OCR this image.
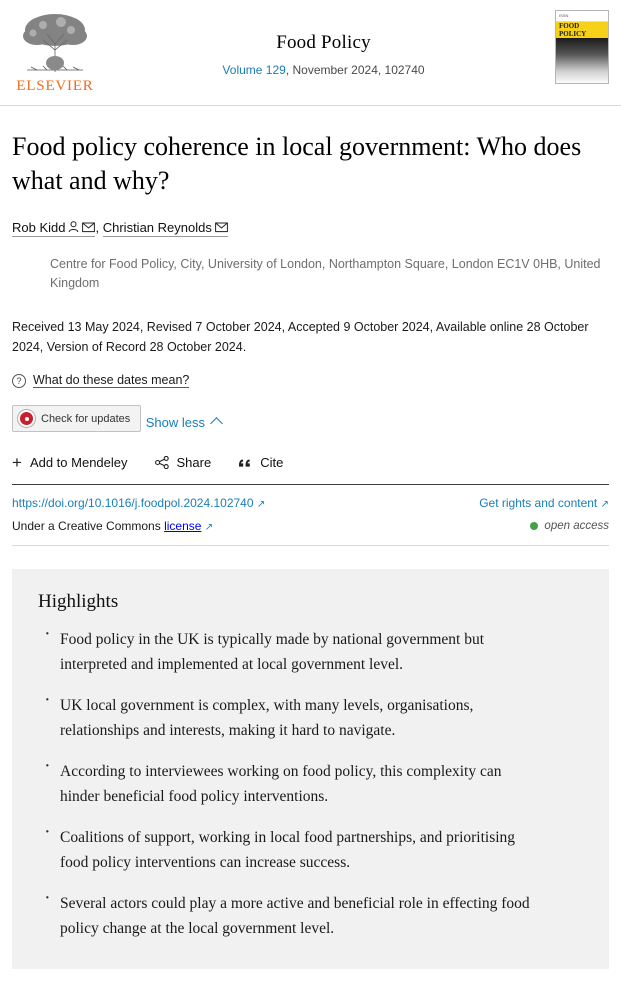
ELSEVIER
Food Policy
Volume 129, November 2024, 102740
ISSN
FOOD
POLICY
Food policy coherence in local government: Who does what and why?
Rob Kidd , Christian Reynolds
Centre for Food Policy, City, University of London, Northampton Square, London EC1V 0HB, United Kingdom
Received 13 May 2024, Revised 7 October 2024, Accepted 9 October 2024, Available online 28 October 2024, Version of Record 28 October 2024.
? What do these dates mean?
Check for updates
Show less
+ Add to Mendeley	Share	Cite
https://doi.org/10.1016/j.foodpol.2024.102740 ↗	Get rights and content ↗
Under a Creative Commons license ↗	open access
Highlights
· Food policy in the UK is typically made by national government but interpreted and implemented at local government level.
· UK local government is complex, with many levels, organisations, relationships and interests, making it hard to navigate.
· According to interviewees working on food policy, this complexity can hinder beneficial food policy interventions.
· Coalitions of support, working in local food partnerships, and prioritising food policy interventions can increase success.
· Several actors could play a more active and beneficial role in effecting food policy change at the local government level.
